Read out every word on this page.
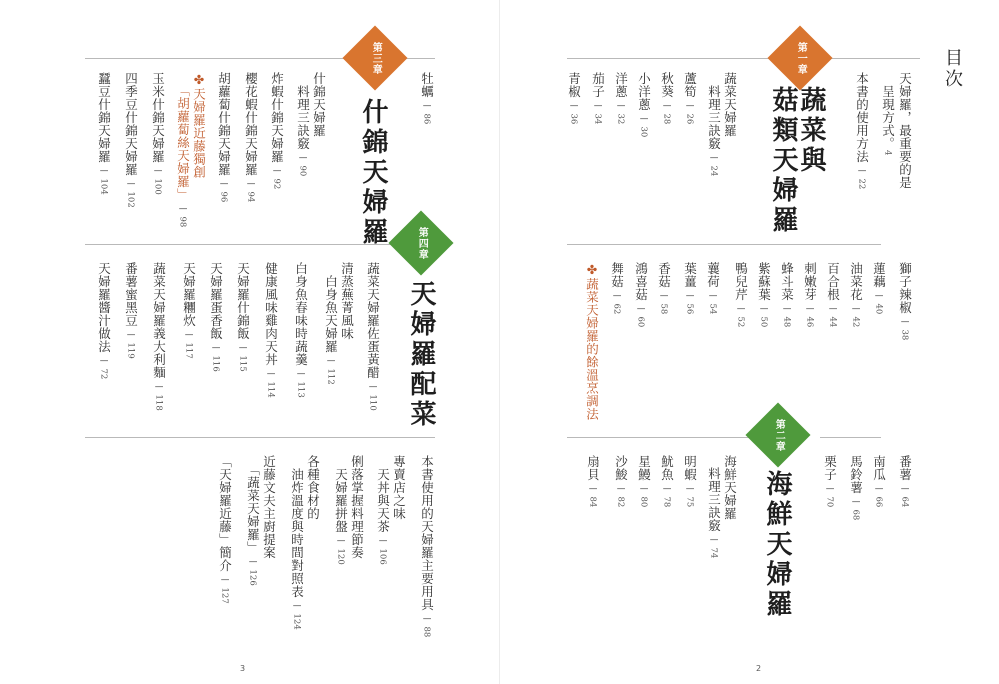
目次
第一章
蔬菜與
菇類天婦羅
第二章
海鮮天婦羅
天婦羅，最重要的是
呈現方式。4
本書的使用方法─22
蔬菜天婦羅
料理三訣竅─24
蘆筍─26
秋葵─28
小洋蔥─30
洋蔥─32
茄子─34
青椒─36
獅子辣椒─38
蓮藕─40
油菜花─42
百合根─44
刺嫩芽─46
蜂斗菜─48
紫蘇葉─50
鴨兒芹─52
蘘荷─54
葉薑─56
香菇─58
鴻喜菇─60
舞菇─62
✤蔬菜天婦羅的餘溫烹調法
番薯─64
南瓜─66
馬鈴薯─68
栗子─70
海鮮天婦羅
料理三訣竅─74
明蝦─75
魷魚─78
星鰻─80
沙鮻─82
扇貝─84
2
第三章
什錦天婦羅	第四章
天婦羅配菜
牡蠣─86
什錦天婦羅
料理三訣竅─90
炸蝦什錦天婦羅─92
櫻花蝦什錦天婦羅─94
胡蘿蔔什錦天婦羅─96
✤天婦羅近藤獨創
「胡蘿蔔絲天婦羅」─98
玉米什錦天婦羅─100
四季豆什錦天婦羅─102
蠶豆什錦天婦羅─104
蔬菜天婦羅佐蛋黃醋─110
清蒸蕪菁風味
白身魚天婦羅─112
白身魚春味時蔬羹─113
健康風味雞肉天丼─114
天婦羅什錦飯─115
天婦羅蛋香飯─116
天婦羅糰炊─117
蔬菜天婦羅義大利麵─118
番薯蜜黑豆─119
天婦羅醬汁做法─72
本書使用的天婦羅主要用具─88
專賣店之味
天丼與天茶─106
俐落掌握料理節奏
天婦羅拼盤─120
各種食材的
油炸溫度與時間對照表─124
近藤文夫主廚提案
「蔬菜天婦羅」─126
「天婦羅近藤」簡介─127
3
